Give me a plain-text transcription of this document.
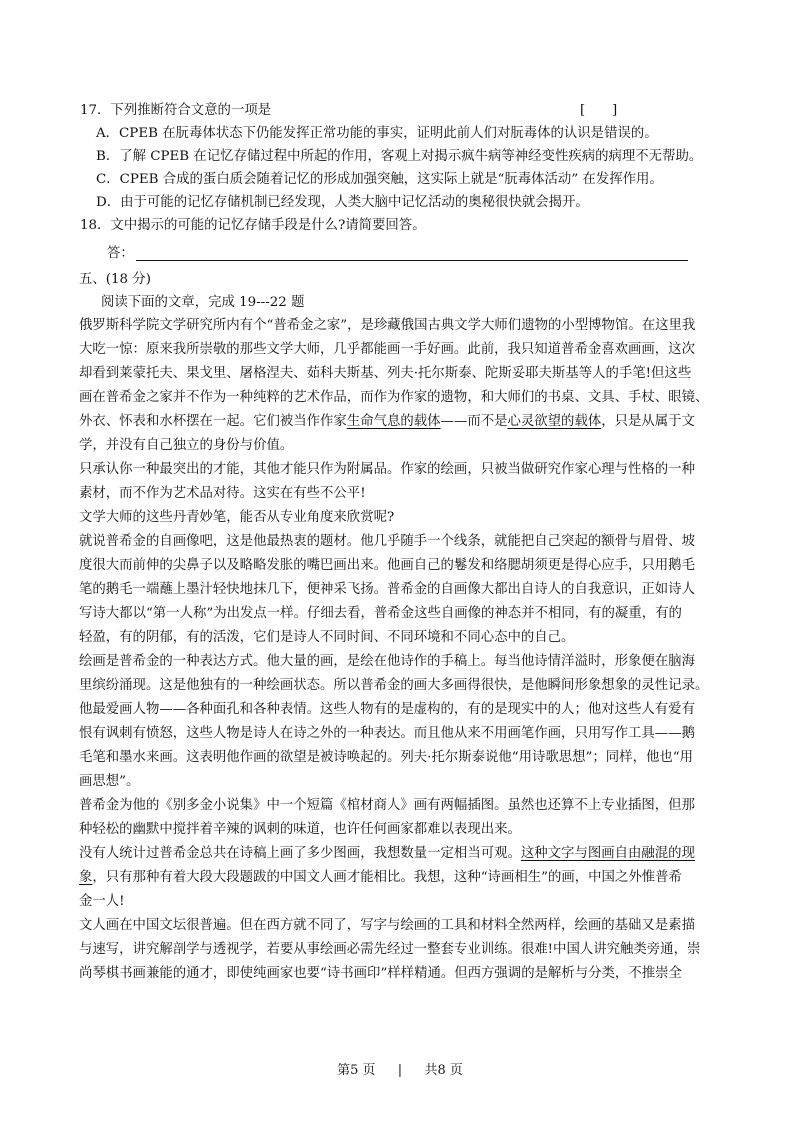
17．下列推断符合文意的一项是	[　　]
A．CPEB 在朊毒体状态下仍能发挥正常功能的事实，证明此前人们对朊毒体的认识是错误的。
B．了解 CPEB 在记忆存储过程中所起的作用，客观上对揭示疯牛病等神经变性疾病的病理不无帮助。
C．CPEB 合成的蛋白质会随着记忆的形成加强突触，这实际上就是“朊毒体活动” 在发挥作用。
D．由于可能的记忆存储机制已经发现，人类大脑中记忆活动的奥秘很快就会揭开。
18．文中揭示的可能的记忆存储手段是什么?请简要回答。
答：
五、(18 分)
阅读下面的文章，完成 19---22 题
俄罗斯科学院文学研究所内有个“普希金之家”，是珍藏俄国古典文学大师们遗物的小型博物馆。在这里我
大吃一惊：原来我所崇敬的那些文学大师，几乎都能画一手好画。此前，我只知道普希金喜欢画画，这次
却看到莱蒙托夫、果戈里、屠格涅夫、茹科夫斯基、列夫·托尔斯泰、陀斯妥耶夫斯基等人的手笔!但这些
画在普希金之家并不作为一种纯粹的艺术作品，而作为作家的遗物，和大师们的书桌、文具、手杖、眼镜、
外衣、怀表和水杯摆在一起。它们被当作作家生命气息的载体——而不是心灵欲望的载体，只是从属于文
学，并没有自己独立的身份与价值。
只承认你一种最突出的才能，其他才能只作为附属品。作家的绘画，只被当做研究作家心理与性格的一种
素材，而不作为艺术品对待。这实在有些不公平!
文学大师的这些丹青妙笔，能否从专业角度来欣赏呢?
就说普希金的自画像吧，这是他最热衷的题材。他几乎随手一个线条，就能把自己突起的额骨与眉骨、坡
度很大而前伸的尖鼻子以及略略发胀的嘴巴画出来。他画自己的鬈发和络腮胡须更是得心应手，只用鹅毛
笔的鹅毛一端蘸上墨汁轻快地抹几下，便神采飞扬。普希金的自画像大都出自诗人的自我意识，正如诗人
写诗大都以“第一人称”为出发点一样。仔细去看，普希金这些自画像的神态并不相同，有的凝重，有的
轻盈，有的阴郁，有的活泼，它们是诗人不同时间、不同环境和不同心态中的自己。
绘画是普希金的一种表达方式。他大量的画，是绘在他诗作的手稿上。每当他诗情洋溢时，形象便在脑海
里缤纷涌现。这是他独有的一种绘画状态。所以普希金的画大多画得很快，是他瞬间形象想象的灵性记录。
他最爱画人物——各种面孔和各种表情。这些人物有的是虚构的，有的是现实中的人；他对这些人有爱有
恨有讽刺有愤怒，这些人物是诗人在诗之外的一种表达。而且他从来不用画笔作画，只用写作工具——鹅
毛笔和墨水来画。这表明他作画的欲望是被诗唤起的。列夫·托尔斯泰说他“用诗歌思想”；同样，他也“用
画思想”。
普希金为他的《别多金小说集》中一个短篇《棺材商人》画有两幅插图。虽然也还算不上专业插图，但那
种轻松的幽默中搅拌着辛辣的讽刺的味道，也许任何画家都难以表现出来。
没有人统计过普希金总共在诗稿上画了多少图画，我想数量一定相当可观。这种文字与图画自由融混的现
象，只有那种有着大段大段题跋的中国文人画才能相比。我想，这种“诗画相生”的画，中国之外惟普希
金一人!
文人画在中国文坛很普遍。但在西方就不同了，写字与绘画的工具和材料全然两样，绘画的基础又是素描
与速写，讲究解剖学与透视学，若要从事绘画必需先经过一整套专业训练。很难!中国人讲究触类旁通，崇
尚琴棋书画兼能的通才，即使纯画家也要“诗书画印”样样精通。但西方强调的是解析与分类，不推崇全
第5 页 | 共8 页
